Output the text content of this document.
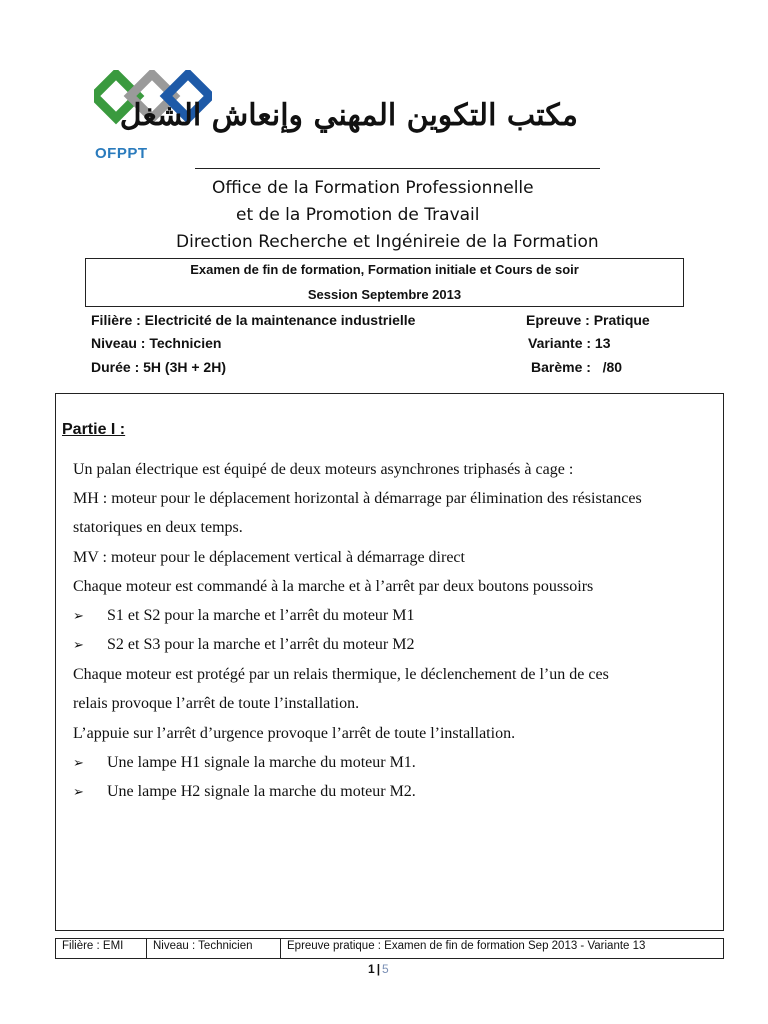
OFPPT
مكتب التكوين المهني وإنعاش الشغل
Office de la Formation Professionnelle
et de la Promotion de Travail
Direction Recherche et Ingénireie de la Formation
Examen de fin de formation, Formation initiale et Cours de soir
Session Septembre 2013
Filière : Electricité de la maintenance industrielle
Niveau : Technicien
Durée : 5H (3H + 2H)
Epreuve : Pratique
Variante : 13
Barème :   /80
Partie I :
Un palan électrique est équipé de deux moteurs asynchrones triphasés à cage :
MH : moteur pour le déplacement horizontal à démarrage par élimination des résistances
statoriques en deux temps.
MV : moteur pour le déplacement vertical à démarrage direct
Chaque moteur est commandé à la marche et à l’arrêt par deux boutons poussoirs
➢ S1 et S2 pour la marche et l’arrêt du moteur M1
➢ S2 et S3 pour la marche et l’arrêt du moteur M2
Chaque moteur est protégé par un relais thermique, le déclenchement de l’un de ces
relais provoque l’arrêt de toute l’installation.
L’appuie sur l’arrêt d’urgence provoque l’arrêt de toute l’installation.
➢ Une lampe H1 signale la marche du moteur M1.
➢ Une lampe H2 signale la marche du moteur M2.
Filière : EMI	Niveau : Technicien	Epreuve pratique : Examen de fin de formation Sep 2013 - Variante 13
1 | 5
